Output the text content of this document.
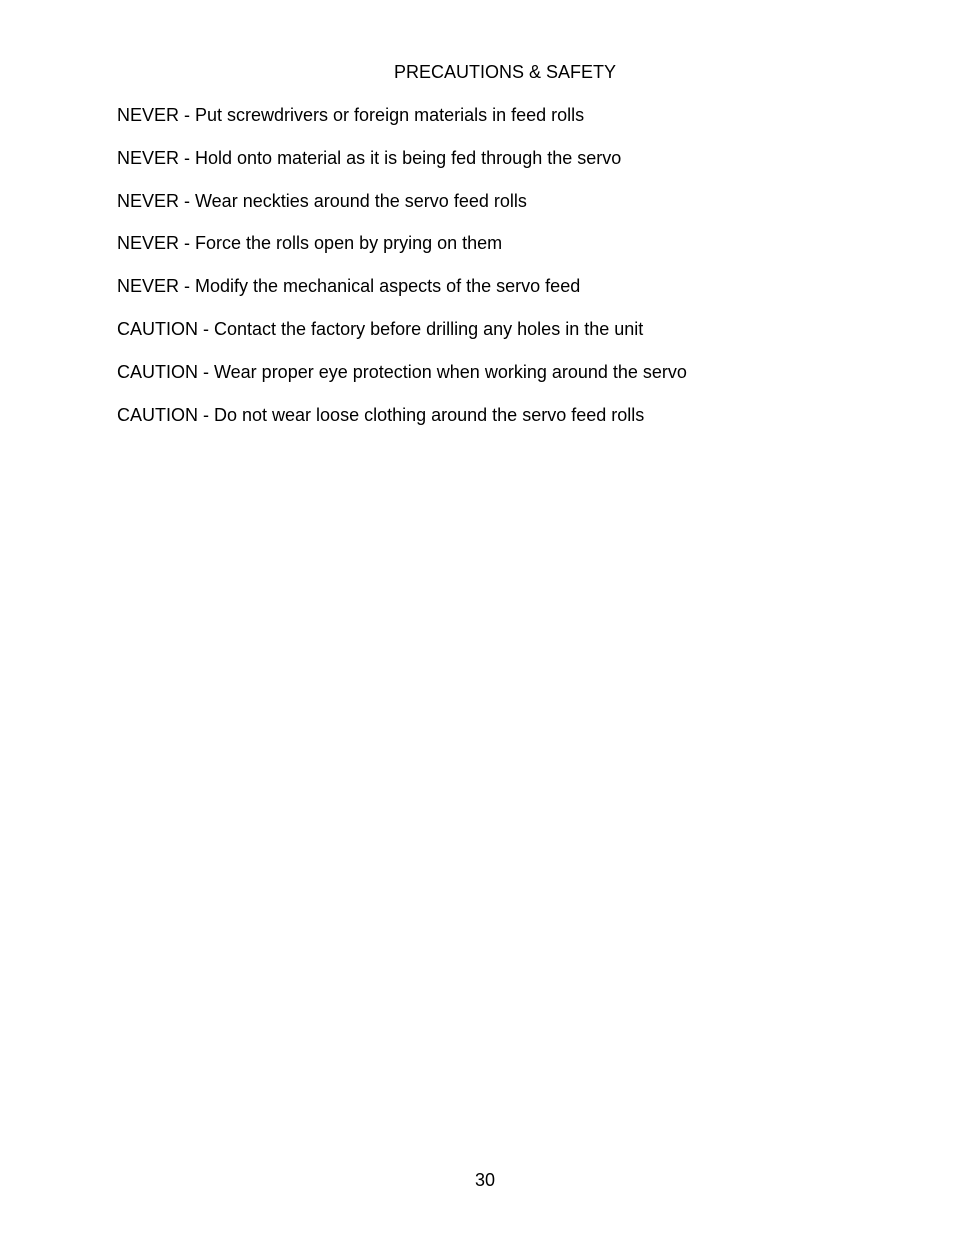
PRECAUTIONS & SAFETY
NEVER - Put screwdrivers or foreign materials in feed rolls
NEVER - Hold onto material as it is being fed through the servo
NEVER - Wear neckties around the servo feed rolls
NEVER - Force the rolls open by prying on them
NEVER - Modify the mechanical aspects of the servo feed
CAUTION - Contact the factory before drilling any holes in the unit
CAUTION - Wear proper eye protection when working around the servo
CAUTION - Do not wear loose clothing around the servo feed rolls
30
